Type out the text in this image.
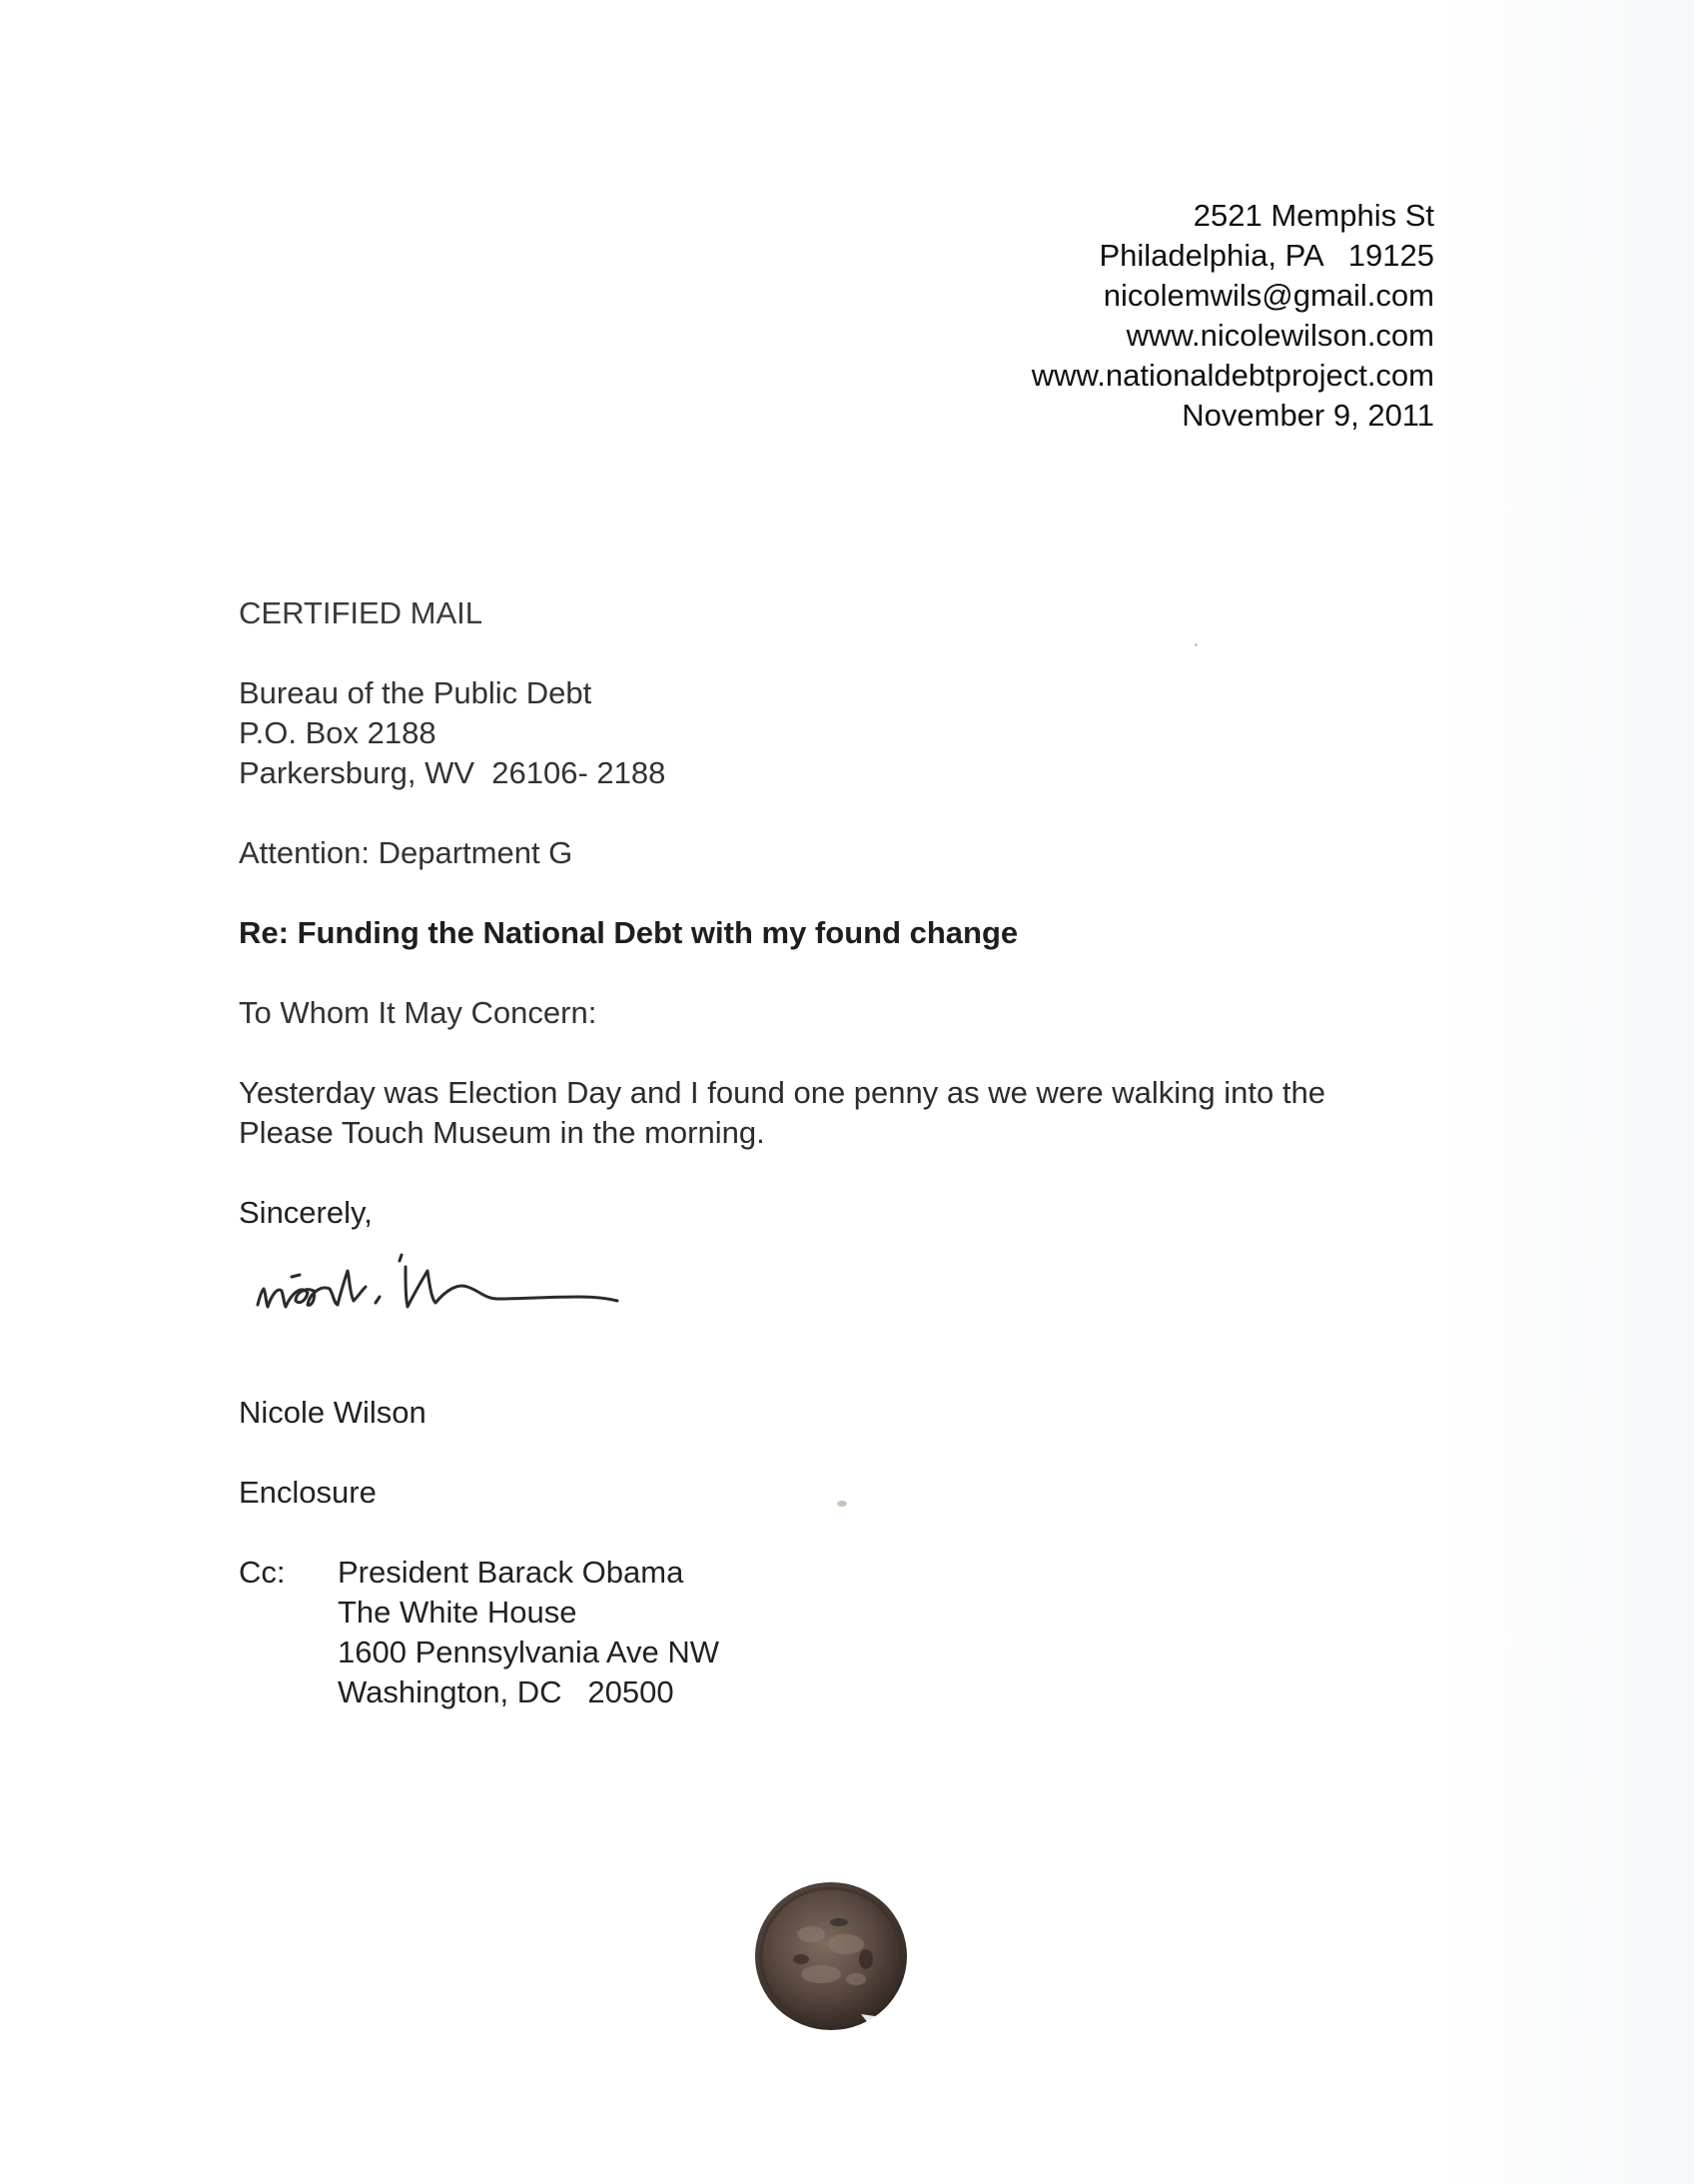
2521 Memphis St
Philadelphia, PA   19125
nicolemwils@gmail.com
www.nicolewilson.com
www.nationaldebtproject.com
November 9, 2011
CERTIFIED MAIL
Bureau of the Public Debt
P.O. Box 2188
Parkersburg, WV  26106- 2188
Attention: Department G
Re: Funding the National Debt with my found change
To Whom It May Concern:
Yesterday was Election Day and I found one penny as we were walking into the
Please Touch Museum in the morning.
Sincerely,
Nicole Wilson
Enclosure
Cc: President Barack Obama
The White House
1600 Pennsylvania Ave NW
Washington, DC   20500
